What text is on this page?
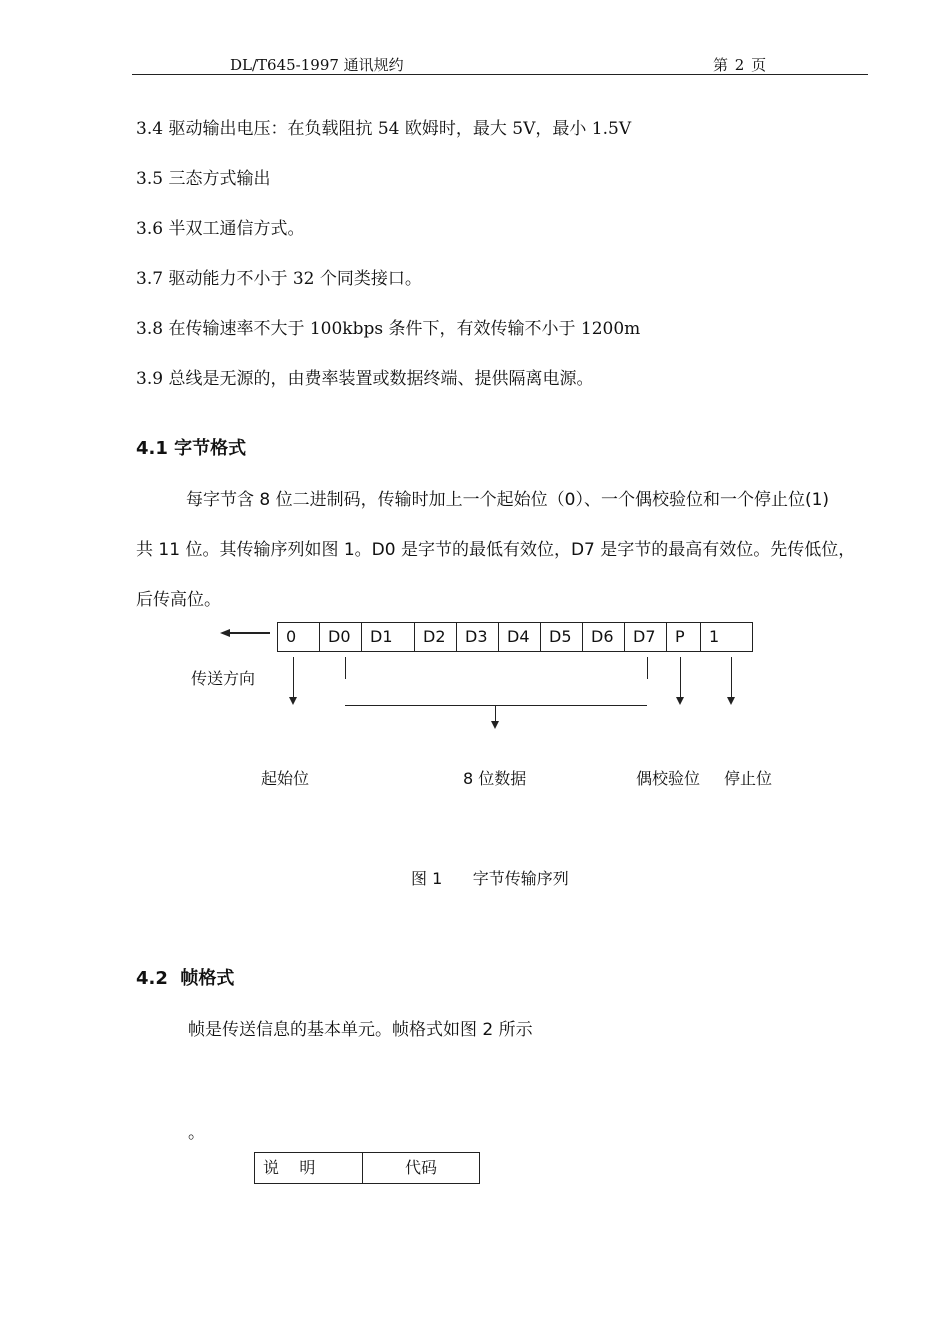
DL/T645-1997 通讯规约	第 2 页
3.4 驱动输出电压：在负载阻抗 54 欧姆时，最大 5V，最小 1.5V
3.5 三态方式输出
3.6 半双工通信方式。
3.7 驱动能力不小于 32 个同类接口。
3.8 在传输速率不大于 100kbps 条件下，有效传输不小于 1200m
3.9 总线是无源的，由费率装置或数据终端、提供隔离电源。
4.1 字节格式
每字节含 8 位二进制码，传输时加上一个起始位（0）、一个偶校验位和一个停止位(1)
共 11 位。其传输序列如图 1。D0 是字节的最低有效位，D7 是字节的最高有效位。先传低位，
后传高位。
传送方向
0	D0	D1	D2	D3	D4	D5	D6	D7	P	1
起始位	8 位数据	偶校验位 停止位
图 1      字节传输序列
4.2  帧格式
帧是传送信息的基本单元。帧格式如图 2 所示
。
说    明	代码
